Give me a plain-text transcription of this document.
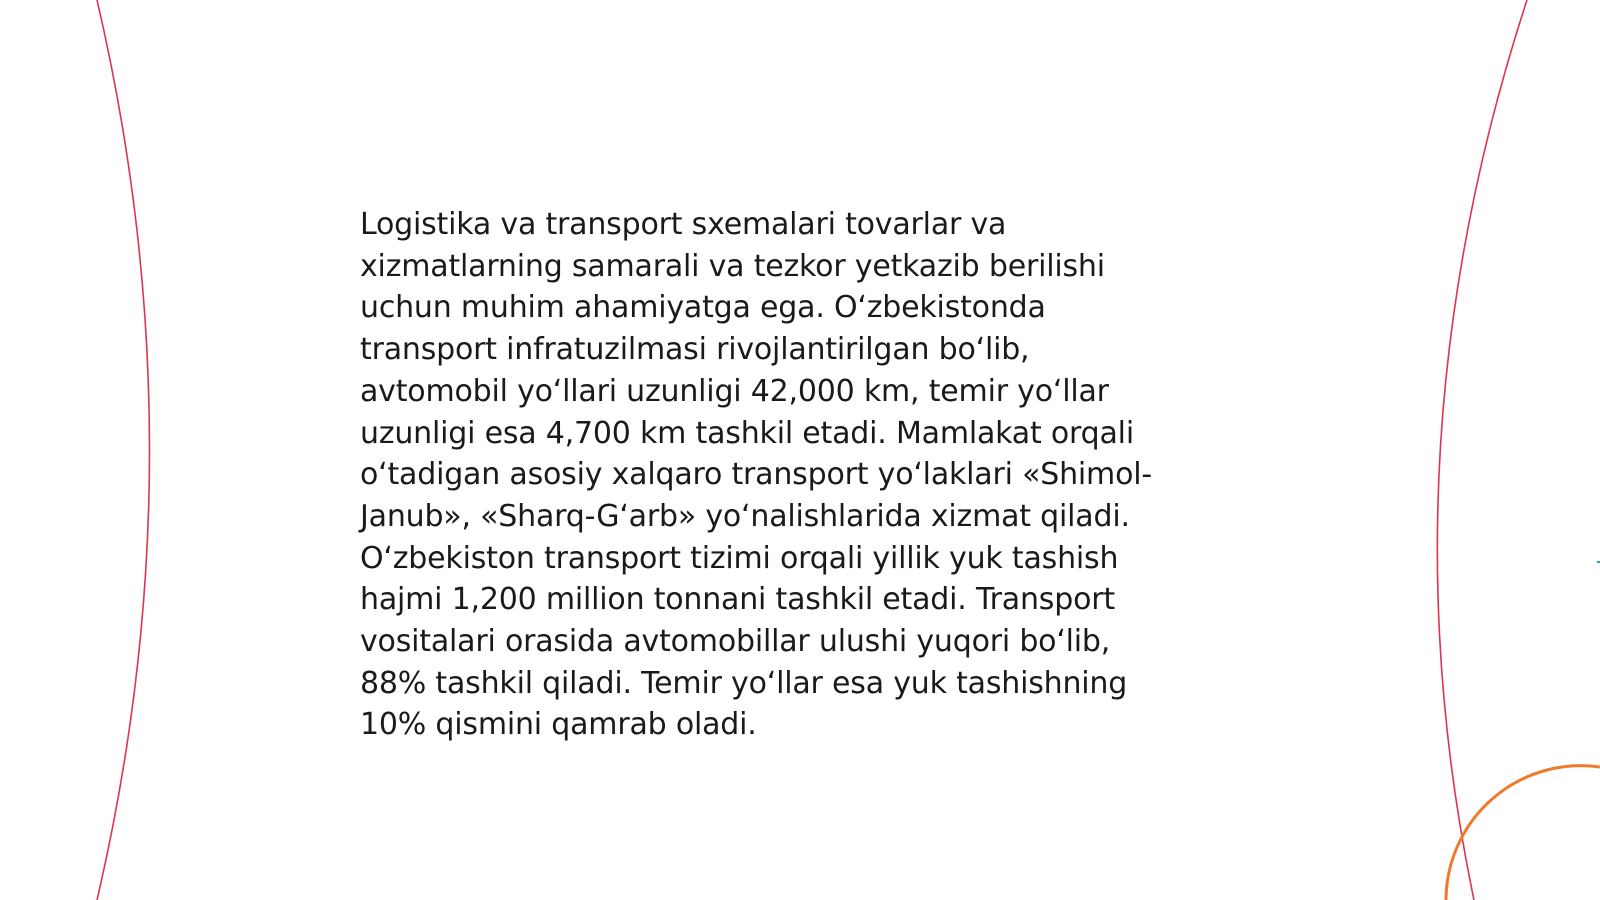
Logistika va transport sxemalari tovarlar va
xizmatlarning samarali va tezkor yetkazib berilishi
uchun muhim ahamiyatga ega. Oʻzbekistonda
transport infratuzilmasi rivojlantirilgan boʻlib,
avtomobil yoʻllari uzunligi 42,000 km, temir yoʻllar
uzunligi esa 4,700 km tashkil etadi. Mamlakat orqali
oʻtadigan asosiy xalqaro transport yoʻlaklari «Shimol-
Janub», «Sharq-Gʻarb» yoʻnalishlarida xizmat qiladi.
Oʻzbekiston transport tizimi orqali yillik yuk tashish
hajmi 1,200 million tonnani tashkil etadi. Transport
vositalari orasida avtomobillar ulushi yuqori boʻlib,
88% tashkil qiladi. Temir yoʻllar esa yuk tashishning
10% qismini qamrab oladi.
